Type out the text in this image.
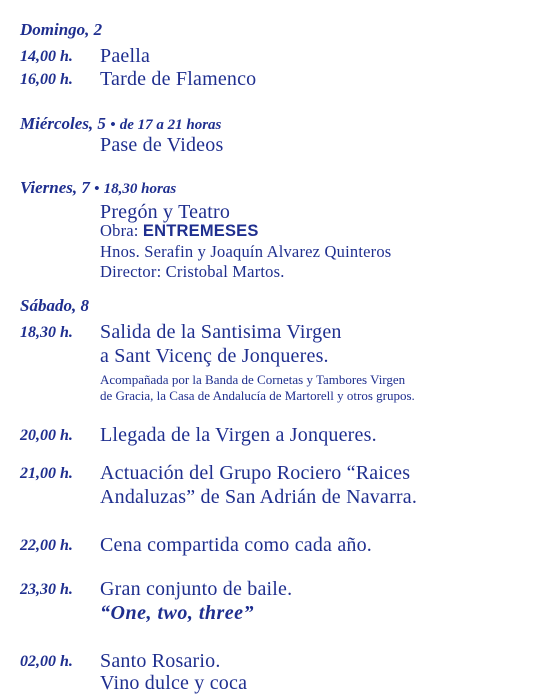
Domingo, 2
14,00 h.	Paella
16,00 h.	Tarde de Flamenco
Miércoles, 5 • de 17 a 21 horas
Pase de Videos
Viernes, 7 • 18,30 horas
Pregón y Teatro
Obra: ENTREMESES
Hnos. Serafin y Joaquín Alvarez Quinteros
Director: Cristobal Martos.
Sábado, 8
18,30 h.	Salida de la Santisima Virgen
a Sant Vicenç de Jonqueres.
Acompañada por la Banda de Cornetas y Tambores Virgen
de Gracia, la Casa de Andalucía de Martorell y otros grupos.
20,00 h.	Llegada de la Virgen a Jonqueres.
21,00 h.	Actuación del Grupo Rociero “Raices
Andaluzas” de San Adrián de Navarra.
22,00 h.	Cena compartida como cada año.
23,30 h.	Gran conjunto de baile.
“One, two, three”
02,00 h.	Santo Rosario.
Vino dulce y coca
